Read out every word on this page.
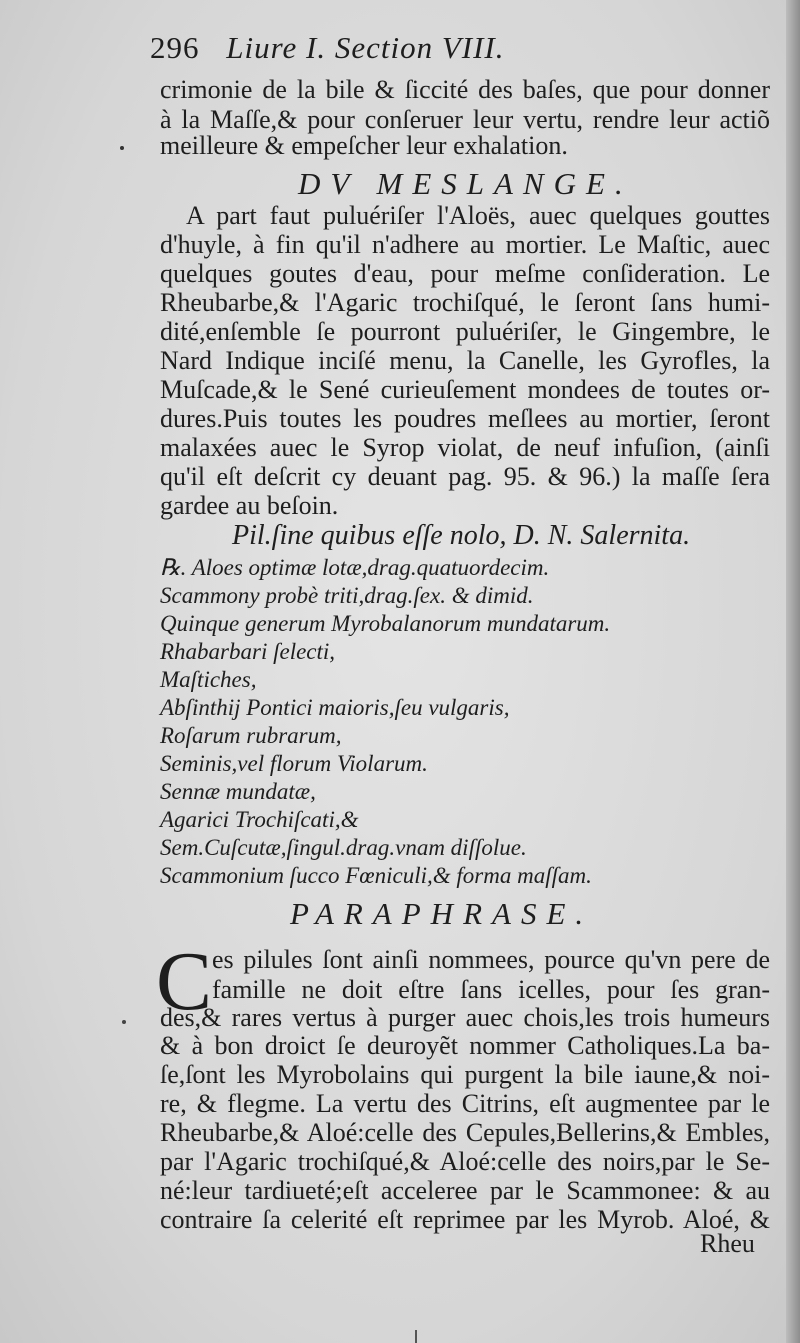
296 Liure I. Section VIII.
crimonie de la bile & ſiccité des baſes, que pour donner
à la Maſſe,& pour conſeruer leur vertu, rendre leur actiõ
meilleure & empeſcher leur exhalation.
DV MESLANGE.
A part faut puluériſer l'Aloës, auec quelques gouttes
d'huyle, à fin qu'il n'adhere au mortier. Le Maſtic, auec
quelques goutes d'eau, pour meſme conſideration. Le
Rheubarbe,& l'Agaric trochiſqué, le ſeront ſans humi-
dité,enſemble ſe pourront puluériſer, le Gingembre, le
Nard Indique inciſé menu, la Canelle, les Gyrofles, la
Muſcade,& le Sené curieuſement mondees de toutes or-
dures.Puis toutes les poudres meſlees au mortier, ſeront
malaxées auec le Syrop violat, de neuf infuſion, (ainſi
qu'il eſt deſcrit cy deuant pag. 95. & 96.) la maſſe ſera
gardee au beſoin.
Pil.ſine quibus eſſe nolo, D. N. Salernita.
℞. Aloes optimæ lotæ,drag.quatuordecim.
Scammony probè triti,drag.ſex. & dimid.
Quinque generum Myrobalanorum mundatarum.
Rhabarbari ſelecti,
Maſtiches,
Abſinthij Pontici maioris,ſeu vulgaris,
Roſarum rubrarum,
Seminis,vel florum Violarum.
Sennæ mundatæ,
Agarici Trochiſcati,&
Sem.Cuſcutæ,ſingul.drag.vnam diſſolue.
Scammonium ſucco Fœniculi,& forma maſſam.
PARAPHRASE.
C es pilules ſont ainſi nommees, pource qu'vn pere de
famille ne doit eſtre ſans icelles, pour ſes gran-
des,& rares vertus à purger auec chois,les trois humeurs
& à bon droict ſe deuroyẽt nommer Catholiques.La ba-
ſe,ſont les Myrobolains qui purgent la bile iaune,& noi-
re, & flegme. La vertu des Citrins, eſt augmentee par le
Rheubarbe,& Aloé:celle des Cepules,Bellerins,& Embles,
par l'Agaric trochiſqué,& Aloé:celle des noirs,par le Se-
né:leur tardiueté;eſt acceleree par le Scammonee: & au
contraire ſa celerité eſt reprimee par les Myrob. Aloé, &
Rheu
